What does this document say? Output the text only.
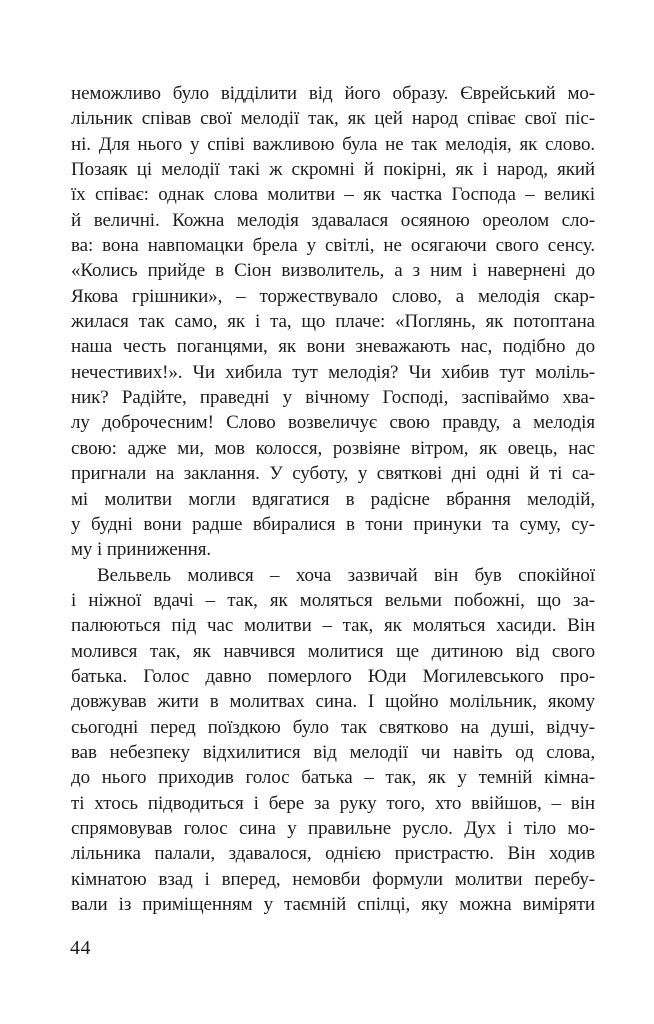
неможливо було відділити від його образу. Єврейський мо-
лільник співав свої мелодії так, як цей народ співає свої піс-
ні. Для нього у співі важливою була не так мелодія, як слово.
Позаяк ці мелодії такі ж скромні й покірні, як і народ, який
їх співає: однак слова молитви – як частка Господа – великі
й величні. Кожна мелодія здавалася осяяною ореолом сло-
ва: вона навпомацки брела у світлі, не осягаючи свого сенсу.
«Колись прийде в Сіон визволитель, а з ним і навернені до
Якова грішники», – торжествувало слово, а мелодія скар-
жилася так само, як і та, що плаче: «Поглянь, як потоптана
наша честь поганцями, як вони зневажають нас, подібно до
нечестивих!». Чи хибила тут мелодія? Чи хибив тут моліль-
ник? Радійте, праведні у вічному Господі, заспіваймо хва-
лу доброчесним! Слово возвеличує свою правду, а мелодія
свою: адже ми, мов колосся, розвіяне вітром, як овець, нас
пригнали на заклання. У суботу, у святкові дні одні й ті са-
мі молитви могли вдягатися в радісне вбрання мелодій,
у будні вони радше вбиралися в тони принуки та суму, су-
му і приниження.
Вельвель молився – хоча зазвичай він був спокійної
і ніжної вдачі – так, як моляться вельми побожні, що за-
палюються під час молитви – так, як моляться хасиди. Він
молився так, як навчився молитися ще дитиною від свого
батька. Голос давно померлого Юди Могилевського про-
довжував жити в молитвах сина. І щойно молільник, якому
сьогодні перед поїздкою було так святково на душі, відчу-
вав небезпеку відхилитися від мелодії чи навіть од слова,
до нього приходив голос батька – так, як у темній кімна-
ті хтось підводиться і бере за руку того, хто ввійшов, – він
спрямовував голос сина у правильне русло. Дух і тіло мо-
лільника палали, здавалося, однією пристрастю. Він ходив
кімнатою взад і вперед, немовби формули молитви перебу-
вали із приміщенням у таємній спілці, яку можна виміряти
44
